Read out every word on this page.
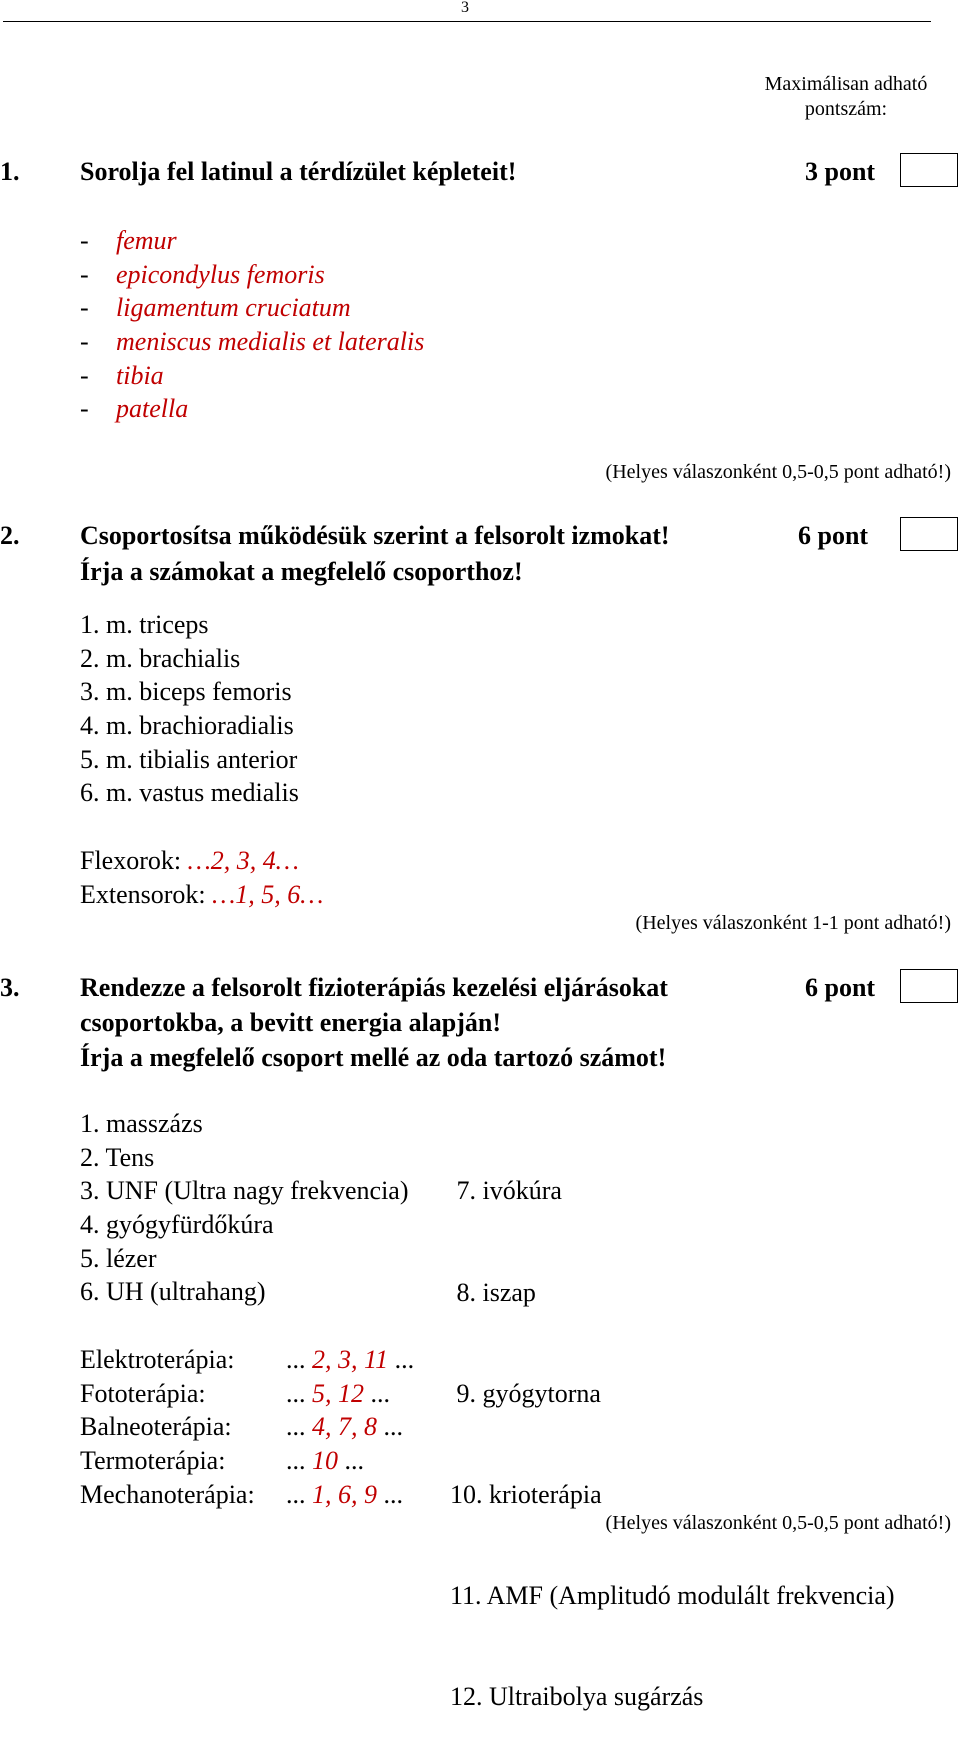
3
Maximálisan adható pontszám:
1. Sorolja fel latinul a térdízület képleteit!	3 pont
- femur
- epicondylus femoris
- ligamentum cruciatum
- meniscus medialis et lateralis
- tibia
- patella
(Helyes válaszonként 0,5-0,5 pont adható!)
2. Csoportosítsa működésük szerint a felsorolt izmokat!
Írja a számokat a megfelelő csoporthoz!
6 pont
1. m. triceps
2. m. brachialis
3. m. biceps femoris
4. m. brachioradialis
5. m. tibialis anterior
6. m. vastus medialis
Flexorok: …2, 3, 4…
Extensorok: …1, 5, 6…
(Helyes válaszonként 1-1 pont adható!)
3. Rendezze a felsorolt fizioterápiás kezelési eljárásokat
csoportokba, a bevitt energia alapján!
Írja a megfelelő csoport mellé az oda tartozó számot!
6 pont
1. masszázs
2. Tens
3. UNF (Ultra nagy frekvencia)
4. gyógyfürdőkúra
5. lézer
6. UH (ultrahang)

7. ivókúra

8. iszap

9. gyógytorna

10. krioterápia

11. AMF (Amplitudó modulált frekvencia)

12. Ultraibolya sugárzás

Elektroterápia: ... 2, 3, 11 ...
Fototerápia:	... 5, 12 ...
Balneoterápia: ... 4, 7, 8 ...
Termoterápia: ... 10 ...
Mechanoterápia: ... 1, 6, 9 ...
(Helyes válaszonként 0,5-0,5 pont adható!)
